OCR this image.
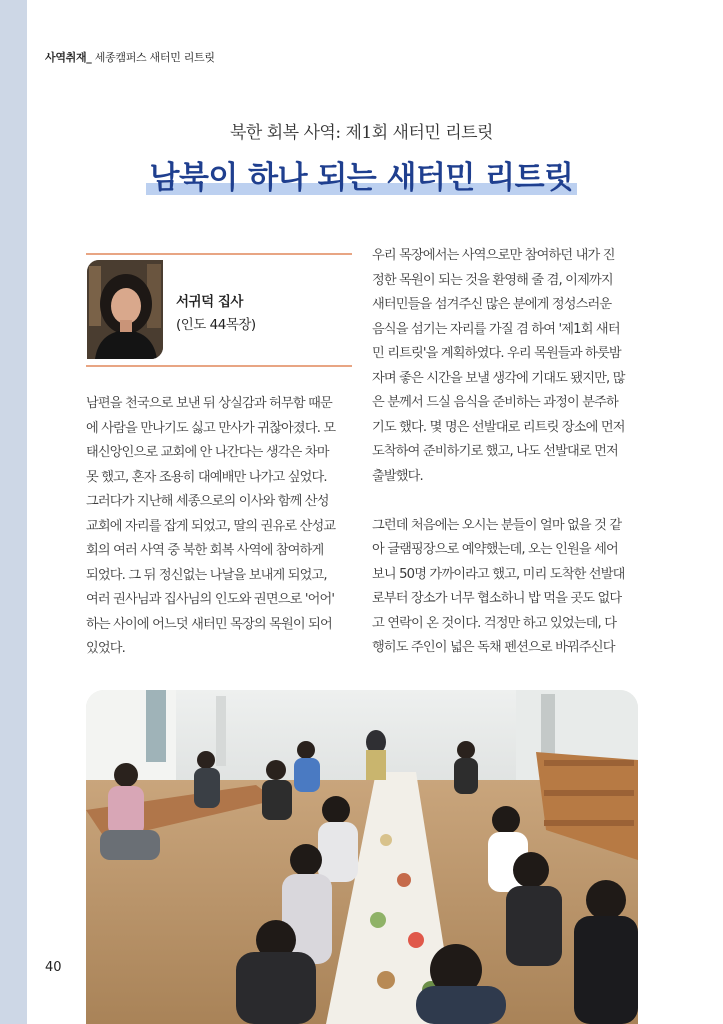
사역취재_ 세종캠퍼스 새터민 리트릿
북한 회복 사역: 제1회 새터민 리트릿
남북이 하나 되는 새터민 리트릿
서귀덕 집사
(인도 44목장)
남편을 천국으로 보낸 뒤 상실감과 허무함 때문
에 사람을 만나기도 싫고 만사가 귀찮아졌다. 모
태신앙인으로 교회에 안 나간다는 생각은 차마
못 했고, 혼자 조용히 대예배만 나가고 싶었다.
그러다가 지난해 세종으로의 이사와 함께 산성
교회에 자리를 잡게 되었고, 딸의 권유로 산성교
회의 여러 사역 중 북한 회복 사역에 참여하게
되었다. 그 뒤 정신없는 나날을 보내게 되었고,
여러 권사님과 집사님의 인도와 권면으로 '어어'
하는 사이에 어느덧 새터민 목장의 목원이 되어
있었다.
우리 목장에서는 사역으로만 참여하던 내가 진
정한 목원이 되는 것을 환영해 줄 겸, 이제까지
새터민들을 섬겨주신 많은 분에게 정성스러운
음식을 섬기는 자리를 가질 겸 하여 '제1회 새터
민 리트릿'을 계획하였다. 우리 목원들과 하룻밤
자며 좋은 시간을 보낼 생각에 기대도 됐지만, 많
은 분께서 드실 음식을 준비하는 과정이 분주하
기도 했다. 몇 명은 선발대로 리트릿 장소에 먼저
도착하여 준비하기로 했고, 나도 선발대로 먼저
출발했다.
그런데 처음에는 오시는 분들이 얼마 없을 것 같
아 글램핑장으로 예약했는데, 오는 인원을 세어
보니 50명 가까이라고 했고, 미리 도착한 선발대
로부터 장소가 너무 협소하니 밥 먹을 곳도 없다
고 연락이 온 것이다. 걱정만 하고 있었는데, 다
행히도 주인이 넓은 독채 펜션으로 바꿔주신다
40
